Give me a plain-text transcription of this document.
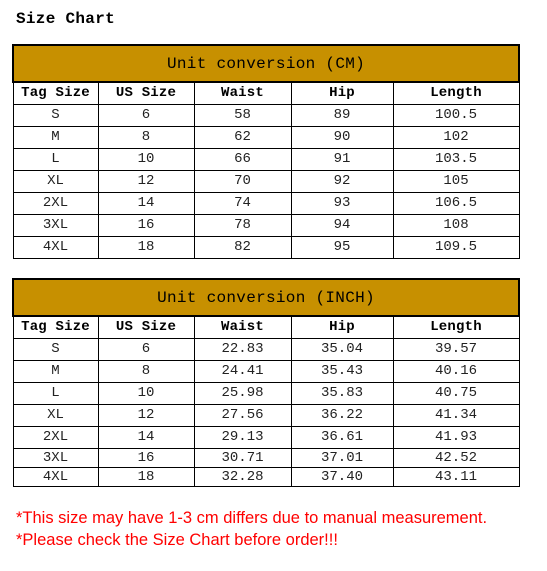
Size Chart
Unit conversion (CM)				
Tag Size	US Size	Waist	Hip	Length
S	6	58	89	100.5
M	8	62	90	102
L	10	66	91	103.5
XL	12	70	92	105
2XL	14	74	93	106.5
3XL	16	78	94	108
4XL	18	82	95	109.5
Unit conversion (INCH)				
Tag Size	US Size	Waist	Hip	Length
S	6	22.83	35.04	39.57
M	8	24.41	35.43	40.16
L	10	25.98	35.83	40.75
XL	12	27.56	36.22	41.34
2XL	14	29.13	36.61	41.93
3XL	16	30.71	37.01	42.52
4XL	18	32.28	37.40	43.11
*This size may have 1-3 cm differs due to manual measurement.
*Please check the Size Chart before order!!!
